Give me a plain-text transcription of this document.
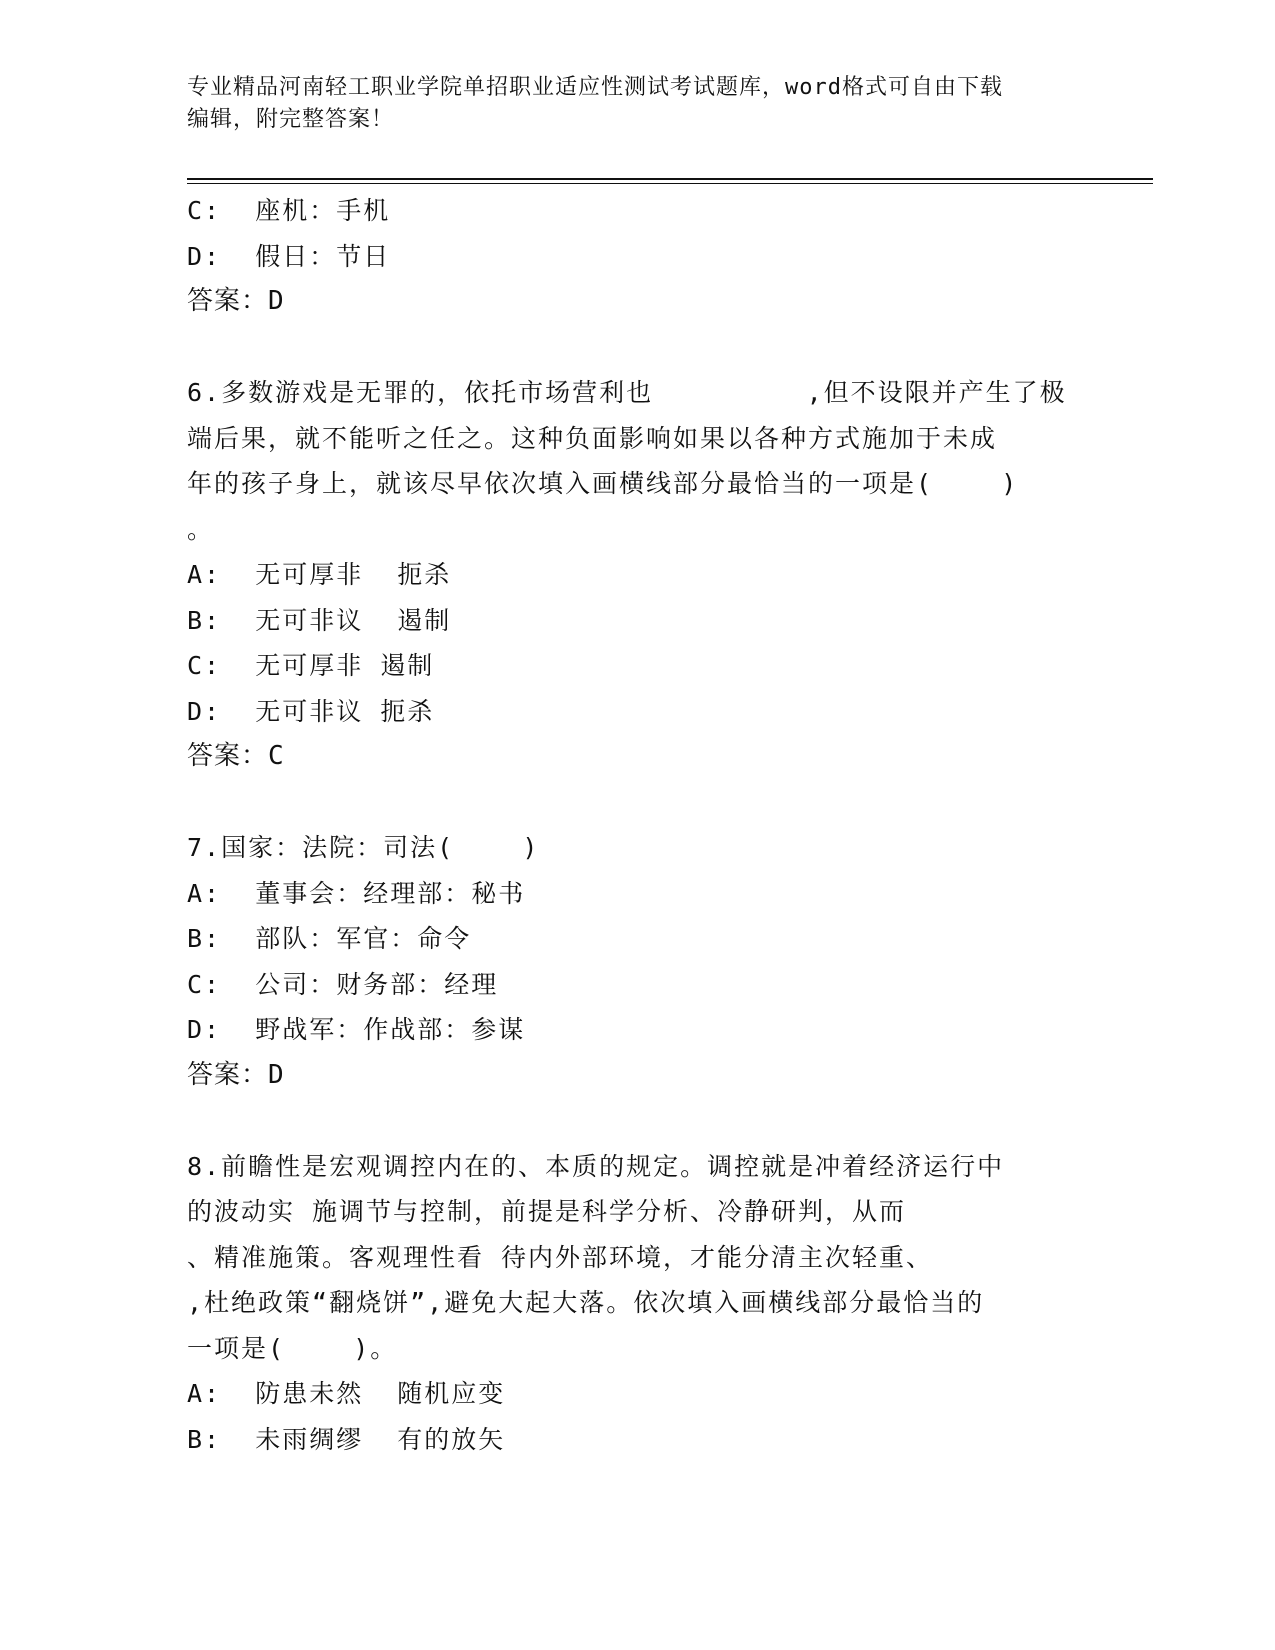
专业精品河南轻工职业学院单招职业适应性测试考试题库，word格式可自由下载
编辑，附完整答案！
C:  座机：手机
D:  假日：节日
答案：D
6.多数游戏是无罪的，依托市场营利也         ,但不设限并产生了极
端后果，就不能听之任之。这种负面影响如果以各种方式施加于未成
年的孩子身上，就该尽早依次填入画横线部分最恰当的一项是(    )
。
A:  无可厚非  扼杀
B:  无可非议  遏制
C:  无可厚非 遏制
D:  无可非议 扼杀
答案：C
7.国家：法院：司法(    )
A:  董事会：经理部：秘书
B:  部队：军官：命令
C:  公司：财务部：经理
D:  野战军：作战部：参谋
答案：D
8.前瞻性是宏观调控内在的、本质的规定。调控就是冲着经济运行中
的波动实 施调节与控制，前提是科学分析、冷静研判，从而
、精准施策。客观理性看 待内外部环境，才能分清主次轻重、
,杜绝政策“翻烧饼”,避免大起大落。依次填入画横线部分最恰当的
一项是(    )。
A:  防患未然  随机应变
B:  未雨绸缪  有的放矢
